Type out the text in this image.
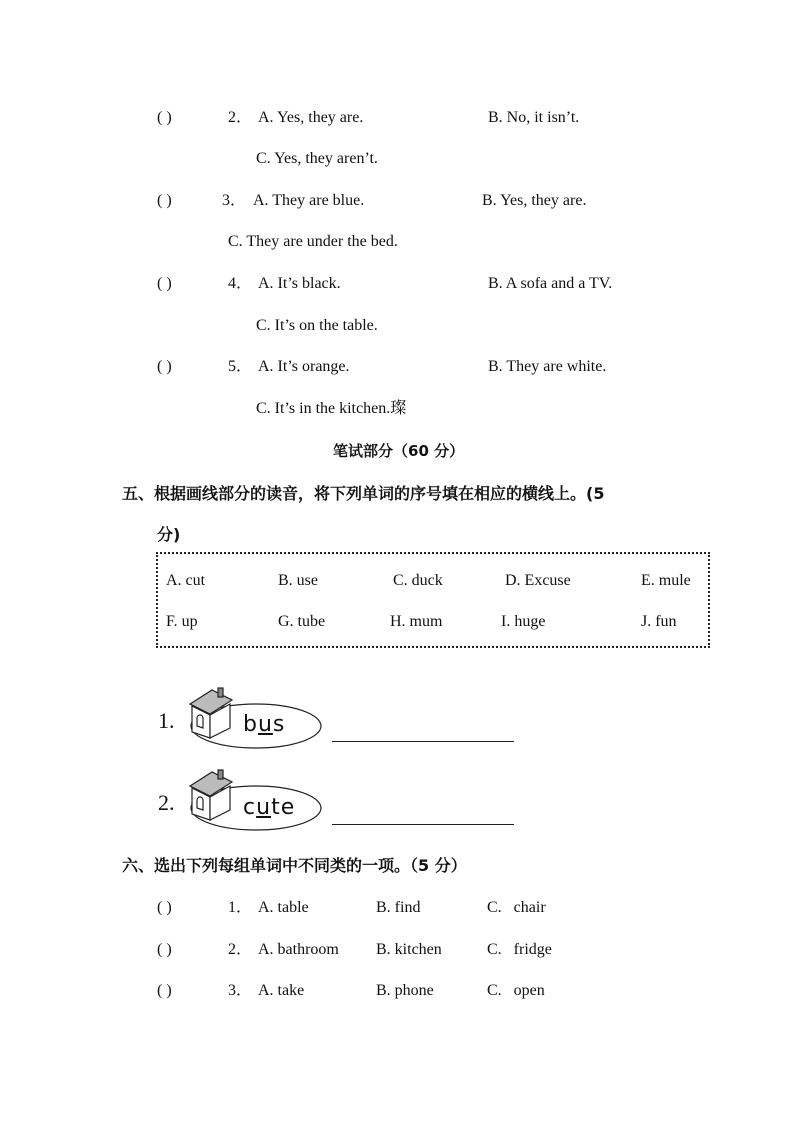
( )	2． A. Yes, they are.	B. No, it isn’t.
C. Yes, they aren’t.
( )	3． A. They are blue.	B. Yes, they are.
C. They are under the bed.
( )	4． A. It’s black.	B. A sofa and a TV.
C. It’s on the table.
( )	5． A. It’s orange.	B. They are white.
C. It’s in the kitchen.璨
笔试部分（60 分）
五、根据画线部分的读音，将下列单词的序号填在相应的横线上。(5
分)
A. cut	B. use	C. duck	D. Excuse	E. mule
F. up	G. tube	H. mum	I. huge	J. fun
1.	bus
2.	cute
六、选出下列每组单词中不同类的一项。（5 分）
( )	1． A. table	B. find	C.   chair
( )	2． A. bathroom B. kitchen	C.   fridge
( )	3． A. take	B. phone	C.   open
